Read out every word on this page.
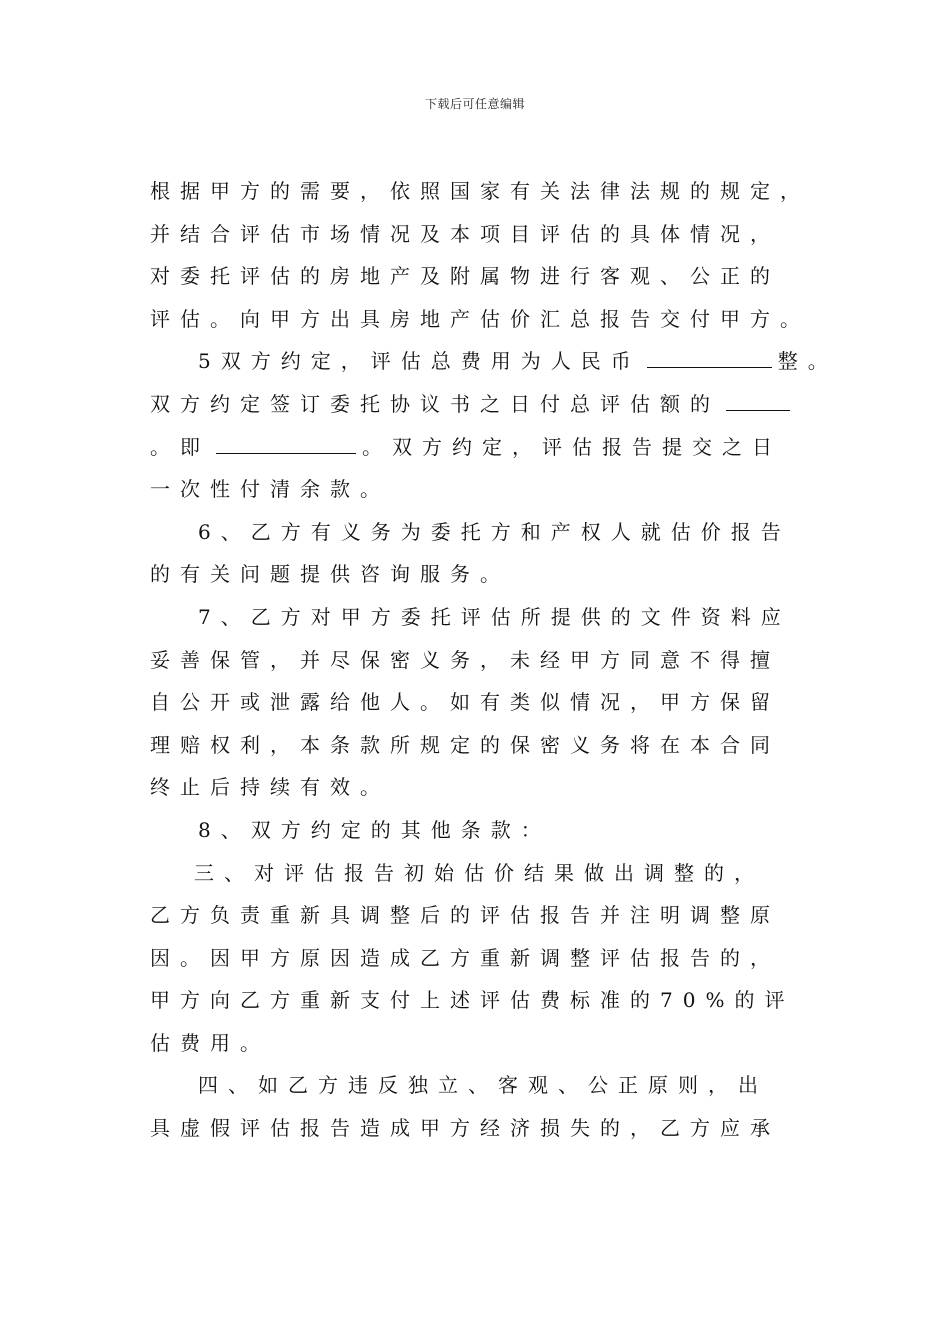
下载后可任意编辑
根据甲方的需要，依照国家有关法律法规的规定，
并结合评估市场情况及本项目评估的具体情况，
对委托评估的房地产及附属物进行客观、公正的
评估。向甲方出具房地产估价汇总报告交付甲方。
5双方约定，评估总费用为人民币	整。
双方约定签订委托协议书之日付总评估额的
。即	。双方约定，评估报告提交之日
一次性付清余款。
6、乙方有义务为委托方和产权人就估价报告
的有关问题提供咨询服务。
7、乙方对甲方委托评估所提供的文件资料应
妥善保管，并尽保密义务，未经甲方同意不得擅
自公开或泄露给他人。如有类似情况，甲方保留
理赔权利，本条款所规定的保密义务将在本合同
终止后持续有效。
8、双方约定的其他条款：
三、对评估报告初始估价结果做出调整的，
乙方负责重新具调整后的评估报告并注明调整原
因。因甲方原因造成乙方重新调整评估报告的，
甲方向乙方重新支付上述评估费标准的70%的评
估费用。
四、如乙方违反独立、客观、公正原则，出
具虚假评估报告造成甲方经济损失的，乙方应承
